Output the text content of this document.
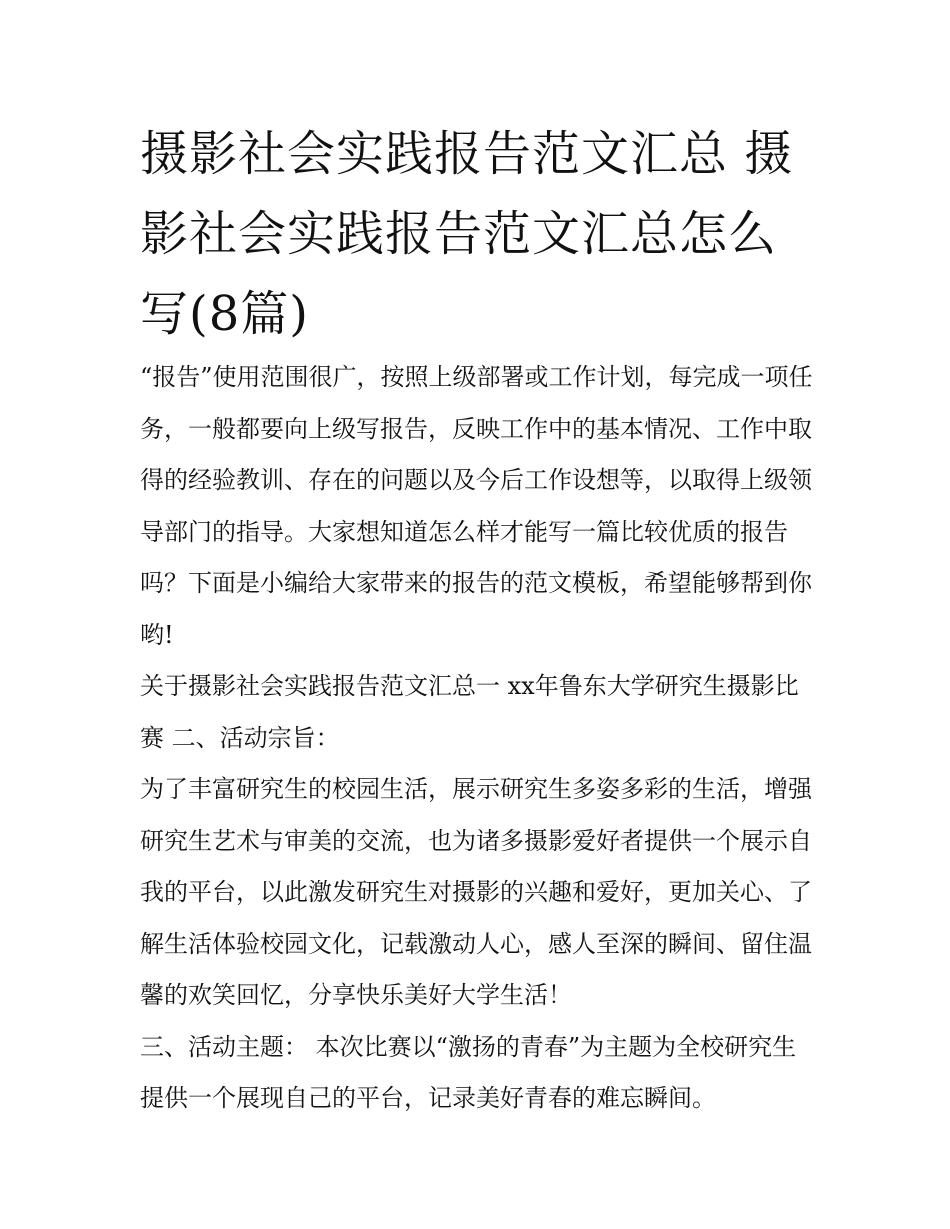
摄影社会实践报告范文汇总 摄影社会实践报告范文汇总怎么写(8篇)

“报告”使用范围很广，按照上级部署或工作计划，每完成一项任务，一般都要向上级写报告，反映工作中的基本情况、工作中取得的经验教训、存在的问题以及今后工作设想等，以取得上级领导部门的指导。大家想知道怎么样才能写一篇比较优质的报告吗？下面是小编给大家带来的报告的范文模板，希望能够帮到你哟!

关于摄影社会实践报告范文汇总一 xx年鲁东大学研究生摄影比赛 二、活动宗旨：

为了丰富研究生的校园生活，展示研究生多姿多彩的生活，增强研究生艺术与审美的交流，也为诸多摄影爱好者提供一个展示自我的平台，以此激发研究生对摄影的兴趣和爱好，更加关心、了解生活体验校园文化，记载激动人心，感人至深的瞬间、留住温馨的欢笑回忆，分享快乐美好大学生活！

三、活动主题： 本次比赛以“激扬的青春”为主题为全校研究生提供一个展现自己的平台，记录美好青春的难忘瞬间。
